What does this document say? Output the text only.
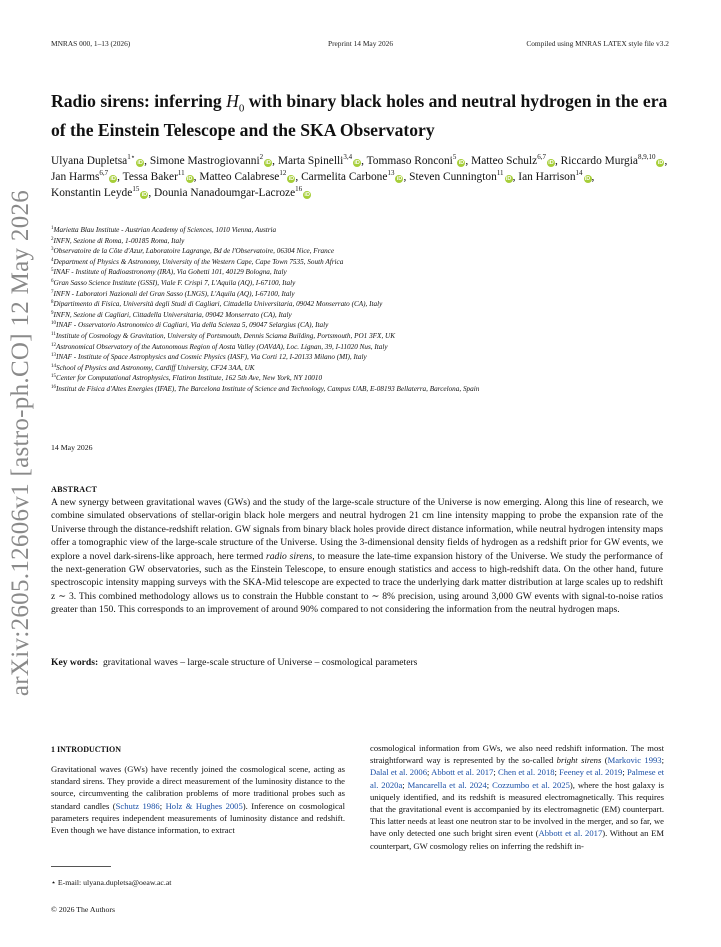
MNRAS 000, 1–13 (2026)	Preprint 14 May 2026	Compiled using MNRAS LATEX style file v3.2
arXiv:2605.12606v1 [astro-ph.CO] 12 May 2026
Radio sirens: inferring $H_0$ with binary black holes and neutral hydrogen in the era of the Einstein Telescope and the SKA Observatory
Ulyana Dupletsa$^{1⋆}$iD, Simone Mastrogiovanni$^2$iD, Marta Spinelli$^{3,4}$iD, Tommaso Ronconi$^5$iD, Matteo Schulz$^{6,7}$iD, Riccardo Murgia$^{8,9,10}$iD, Jan Harms$^{6,7}$iD, Tessa Baker$^{11}$iD, Matteo Calabrese$^{12}$iD, Carmelita Carbone$^{13}$iD, Steven Cunnington$^{11}$iD, Ian Harrison$^{14}$iD, Konstantin Leyde$^{15}$iD, Dounia Nanadoumgar-Lacroze$^{16}$iD
$^1$Marietta Blau Institute - Austrian Academy of Sciences, 1010 Vienna, Austria
$^2$INFN, Sezione di Roma, 1-00185 Roma, Italy
$^3$Observatoire de la Côte d'Azur, Laboratoire Lagrange, Bd de l'Observatoire, 06304 Nice, France
$^4$Department of Physics & Astronomy, University of the Western Cape, Cape Town 7535, South Africa
$^5$INAF - Institute of Radioastronomy (IRA), Via Gobetti 101, 40129 Bologna, Italy
$^6$Gran Sasso Science Institute (GSSI), Viale F. Crispi 7, L'Aquila (AQ), I-67100, Italy
$^7$INFN - Laboratori Nazionali del Gran Sasso (LNGS), L'Aquila (AQ), I-67100, Italy
$^8$Dipartimento di Fisica, Università degli Studi di Cagliari, Cittadella Universitaria, 09042 Monserrato (CA), Italy
$^9$INFN, Sezione di Cagliari, Cittadella Universitaria, 09042 Monserrato (CA), Italy
$^{10}$INAF - Osservatorio Astronomico di Cagliari, Via della Scienza 5, 09047 Selargius (CA), Italy
$^{11}$Institute of Cosmology & Gravitation, University of Portsmouth, Dennis Sciama Building, Portsmouth, PO1 3FX, UK
$^{12}$Astronomical Observatory of the Autonomous Region of Aosta Valley (OAVdA), Loc. Lignan, 39, I-11020 Nus, Italy
$^{13}$INAF - Institute of Space Astrophysics and Cosmic Physics (IASF), Via Corti 12, I-20133 Milano (MI), Italy
$^{14}$School of Physics and Astronomy, Cardiff University, CF24 3AA, UK
$^{15}$Center for Computational Astrophysics, Flatiron Institute, 162 5th Ave, New York, NY 10010
$^{16}$Institut de Física d'Altes Energies (IFAE), The Barcelona Institute of Science and Technology, Campus UAB, E-08193 Bellaterra, Barcelona, Spain
14 May 2026
ABSTRACT
A new synergy between gravitational waves (GWs) and the study of the large-scale structure of the Universe is now emerging. Along this line of research, we combine simulated observations of stellar-origin black hole mergers and neutral hydrogen 21 cm line intensity mapping to probe the expansion rate of the Universe through the distance-redshift relation. GW signals from binary black holes provide direct distance information, while neutral hydrogen intensity maps offer a tomographic view of the large-scale structure of the Universe. Using the 3-dimensional density fields of hydrogen as a redshift prior for GW events, we explore a novel dark-sirens-like approach, here termed radio sirens, to measure the late-time expansion history of the Universe. We study the performance of the next-generation GW observatories, such as the Einstein Telescope, to ensure enough statistics and access to high-redshift data. On the other hand, future spectroscopic intensity mapping surveys with the SKA-Mid telescope are expected to trace the underlying dark matter distribution at large scales up to redshift z ∼ 3. This combined methodology allows us to constrain the Hubble constant to ∼ 8% precision, using around 3,000 GW events with signal-to-noise ratios greater than 150. This corresponds to an improvement of around 90% compared to not considering the information from the neutral hydrogen maps.
Key words: gravitational waves – large-scale structure of Universe – cosmological parameters
1 INTRODUCTION
Gravitational waves (GWs) have recently joined the cosmological scene, acting as standard sirens. They provide a direct measurement of the luminosity distance to the source, circumventing the calibration problems of more traditional probes such as standard candles (Schutz 1986; Holz & Hughes 2005). Inference on cosmological parameters requires independent measurements of luminosity distance and redshift. Even though we have distance information, to extract
cosmological information from GWs, we also need redshift information. The most straightforward way is represented by the so-called bright sirens (Markovic 1993; Dalal et al. 2006; Abbott et al. 2017; Chen et al. 2018; Feeney et al. 2019; Palmese et al. 2020a; Mancarella et al. 2024; Cozzumbo et al. 2025), where the host galaxy is uniquely identified, and its redshift is measured electromagnetically. This requires that the gravitational event is accompanied by its electromagnetic (EM) counterpart. This latter needs at least one neutron star to be involved in the merger, and so far, we have only detected one such bright siren event (Abbott et al. 2017). Without an EM counterpart, GW cosmology relies on inferring the redshift in-
⋆ E-mail: ulyana.dupletsa@oeaw.ac.at
© 2026 The Authors
